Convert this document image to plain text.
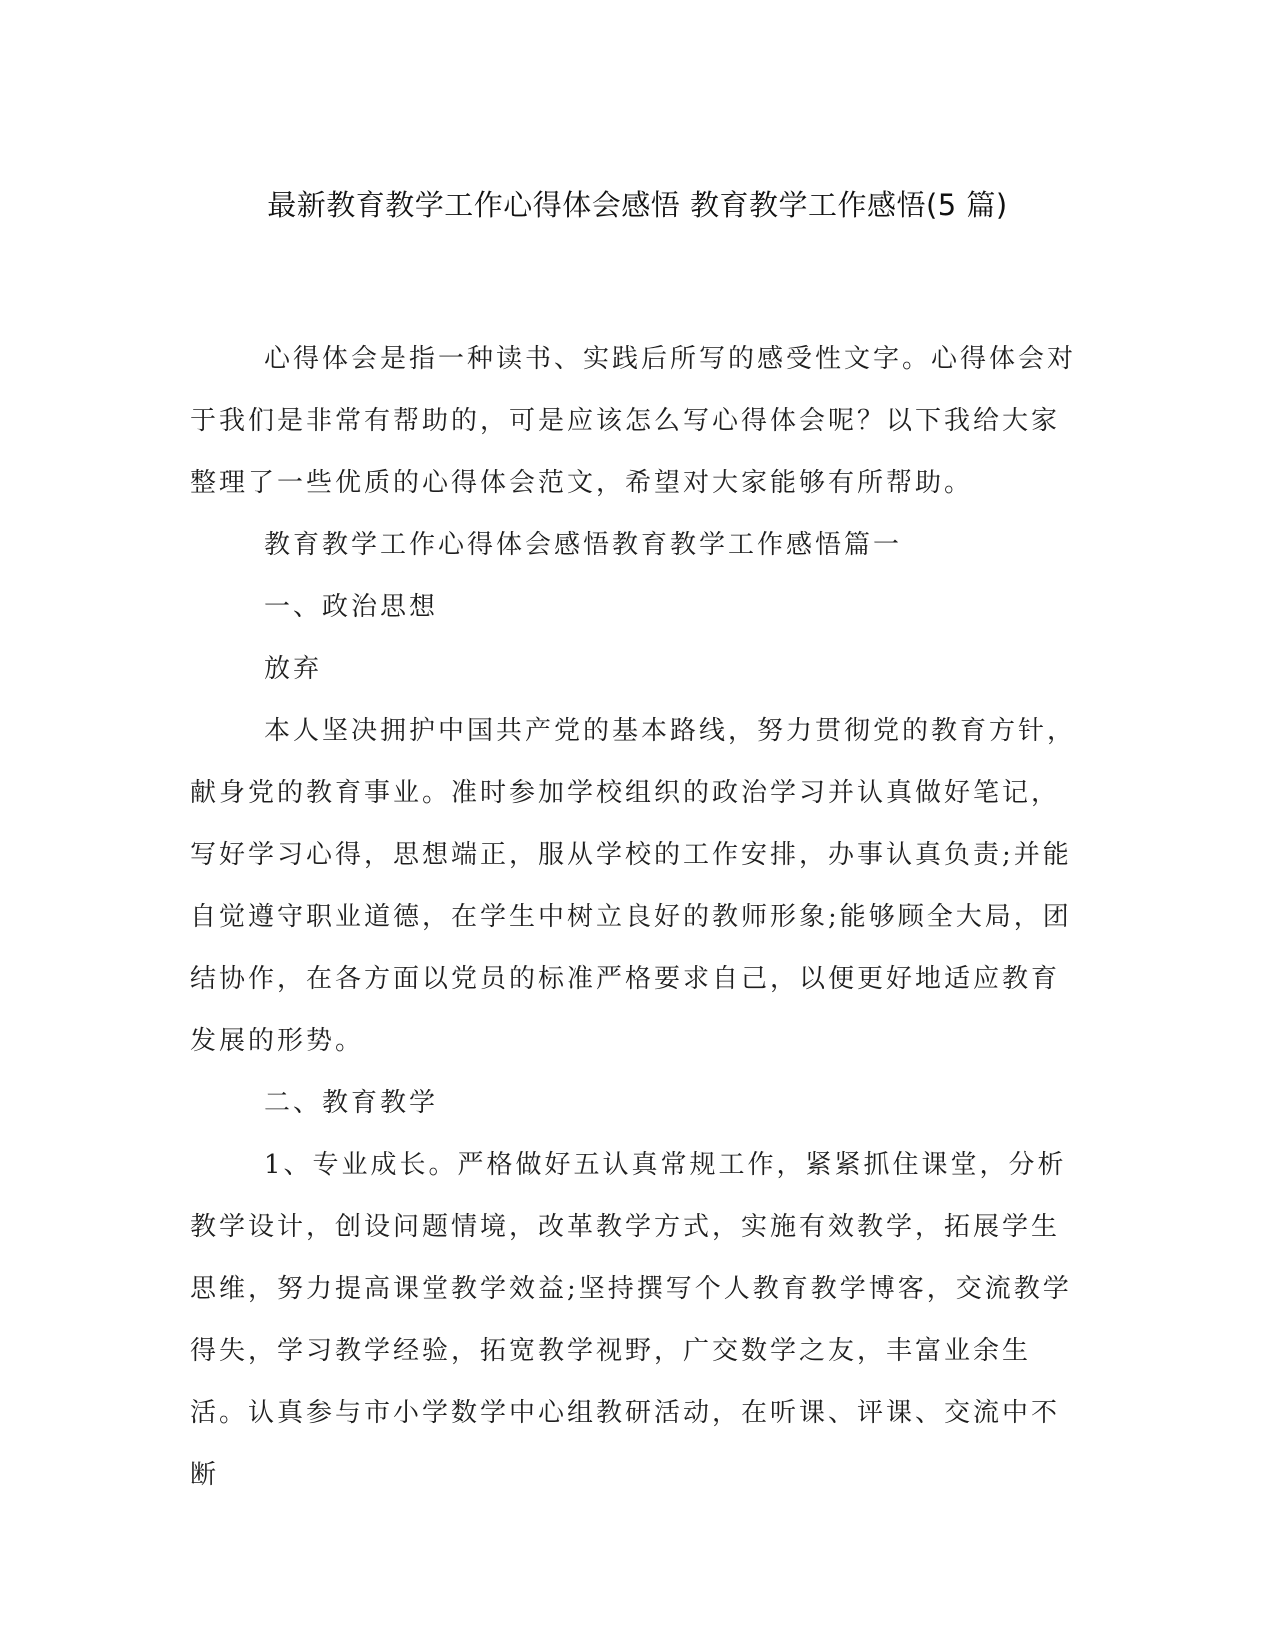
最新教育教学工作心得体会感悟 教育教学工作感悟(5 篇)

心得体会是指一种读书、实践后所写的感受性文字。心得体会对于我们是非常有帮助的，可是应该怎么写心得体会呢？以下我给大家整理了一些优质的心得体会范文，希望对大家能够有所帮助。

教育教学工作心得体会感悟教育教学工作感悟篇一

一、政治思想

放弃

本人坚决拥护中国共产党的基本路线，努力贯彻党的教育方针，献身党的教育事业。准时参加学校组织的政治学习并认真做好笔记，写好学习心得，思想端正，服从学校的工作安排，办事认真负责;并能自觉遵守职业道德，在学生中树立良好的教师形象;能够顾全大局，团结协作，在各方面以党员的标准严格要求自己，以便更好地适应教育发展的形势。

二、教育教学

1、专业成长。严格做好五认真常规工作，紧紧抓住课堂，分析教学设计，创设问题情境，改革教学方式，实施有效教学，拓展学生思维，努力提高课堂教学效益;坚持撰写个人教育教学博客，交流教学得失，学习教学经验，拓宽教学视野，广交数学之友，丰富业余生活。认真参与市小学数学中心组教研活动，在听课、评课、交流中不断
